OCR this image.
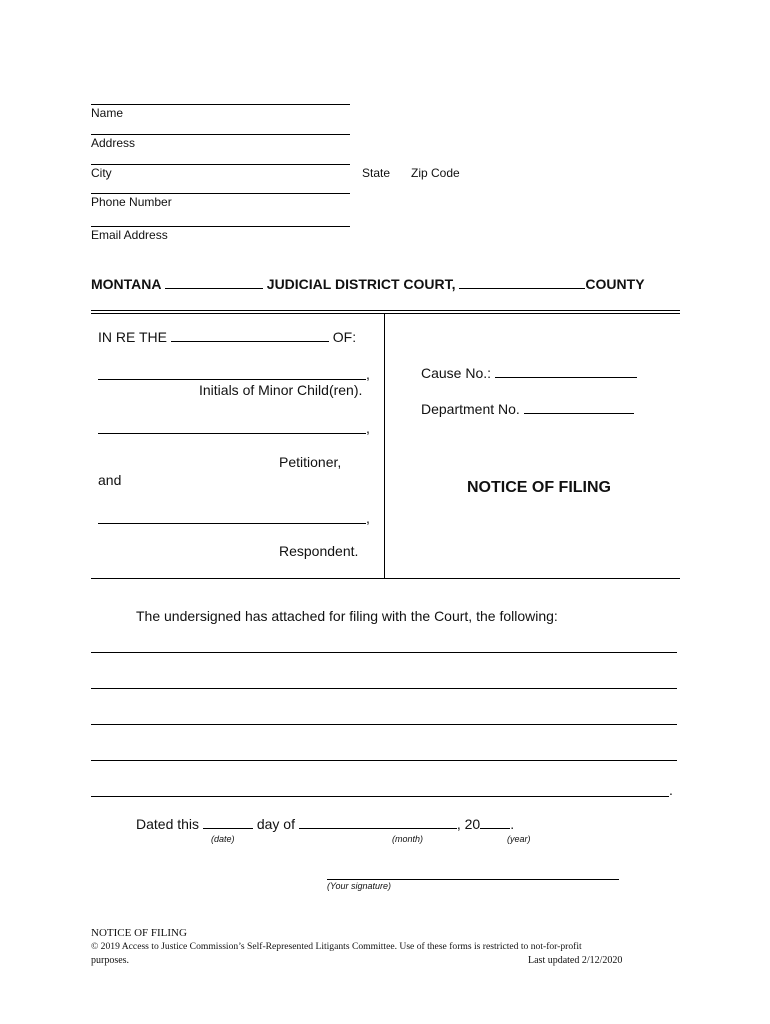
Name
Address
City	State Zip Code
Phone Number
Email Address
MONTANA	JUDICIAL DISTRICT COURT,	COUNTY
IN RE THE	OF:
,
Initials of Minor Child(ren).
,
Petitioner,
and
,
Respondent.
Cause No.:
Department No.
NOTICE OF FILING
The undersigned has attached for filing with the Court, the following:
.
Dated this	day of	, 20 .
(date)	(month)	(year)
(Your signature)
NOTICE OF FILING
© 2019 Access to Justice Commission’s Self-Represented Litigants Committee. Use of these forms is restricted to not-for-profit
purposes.	Last updated 2/12/2020
